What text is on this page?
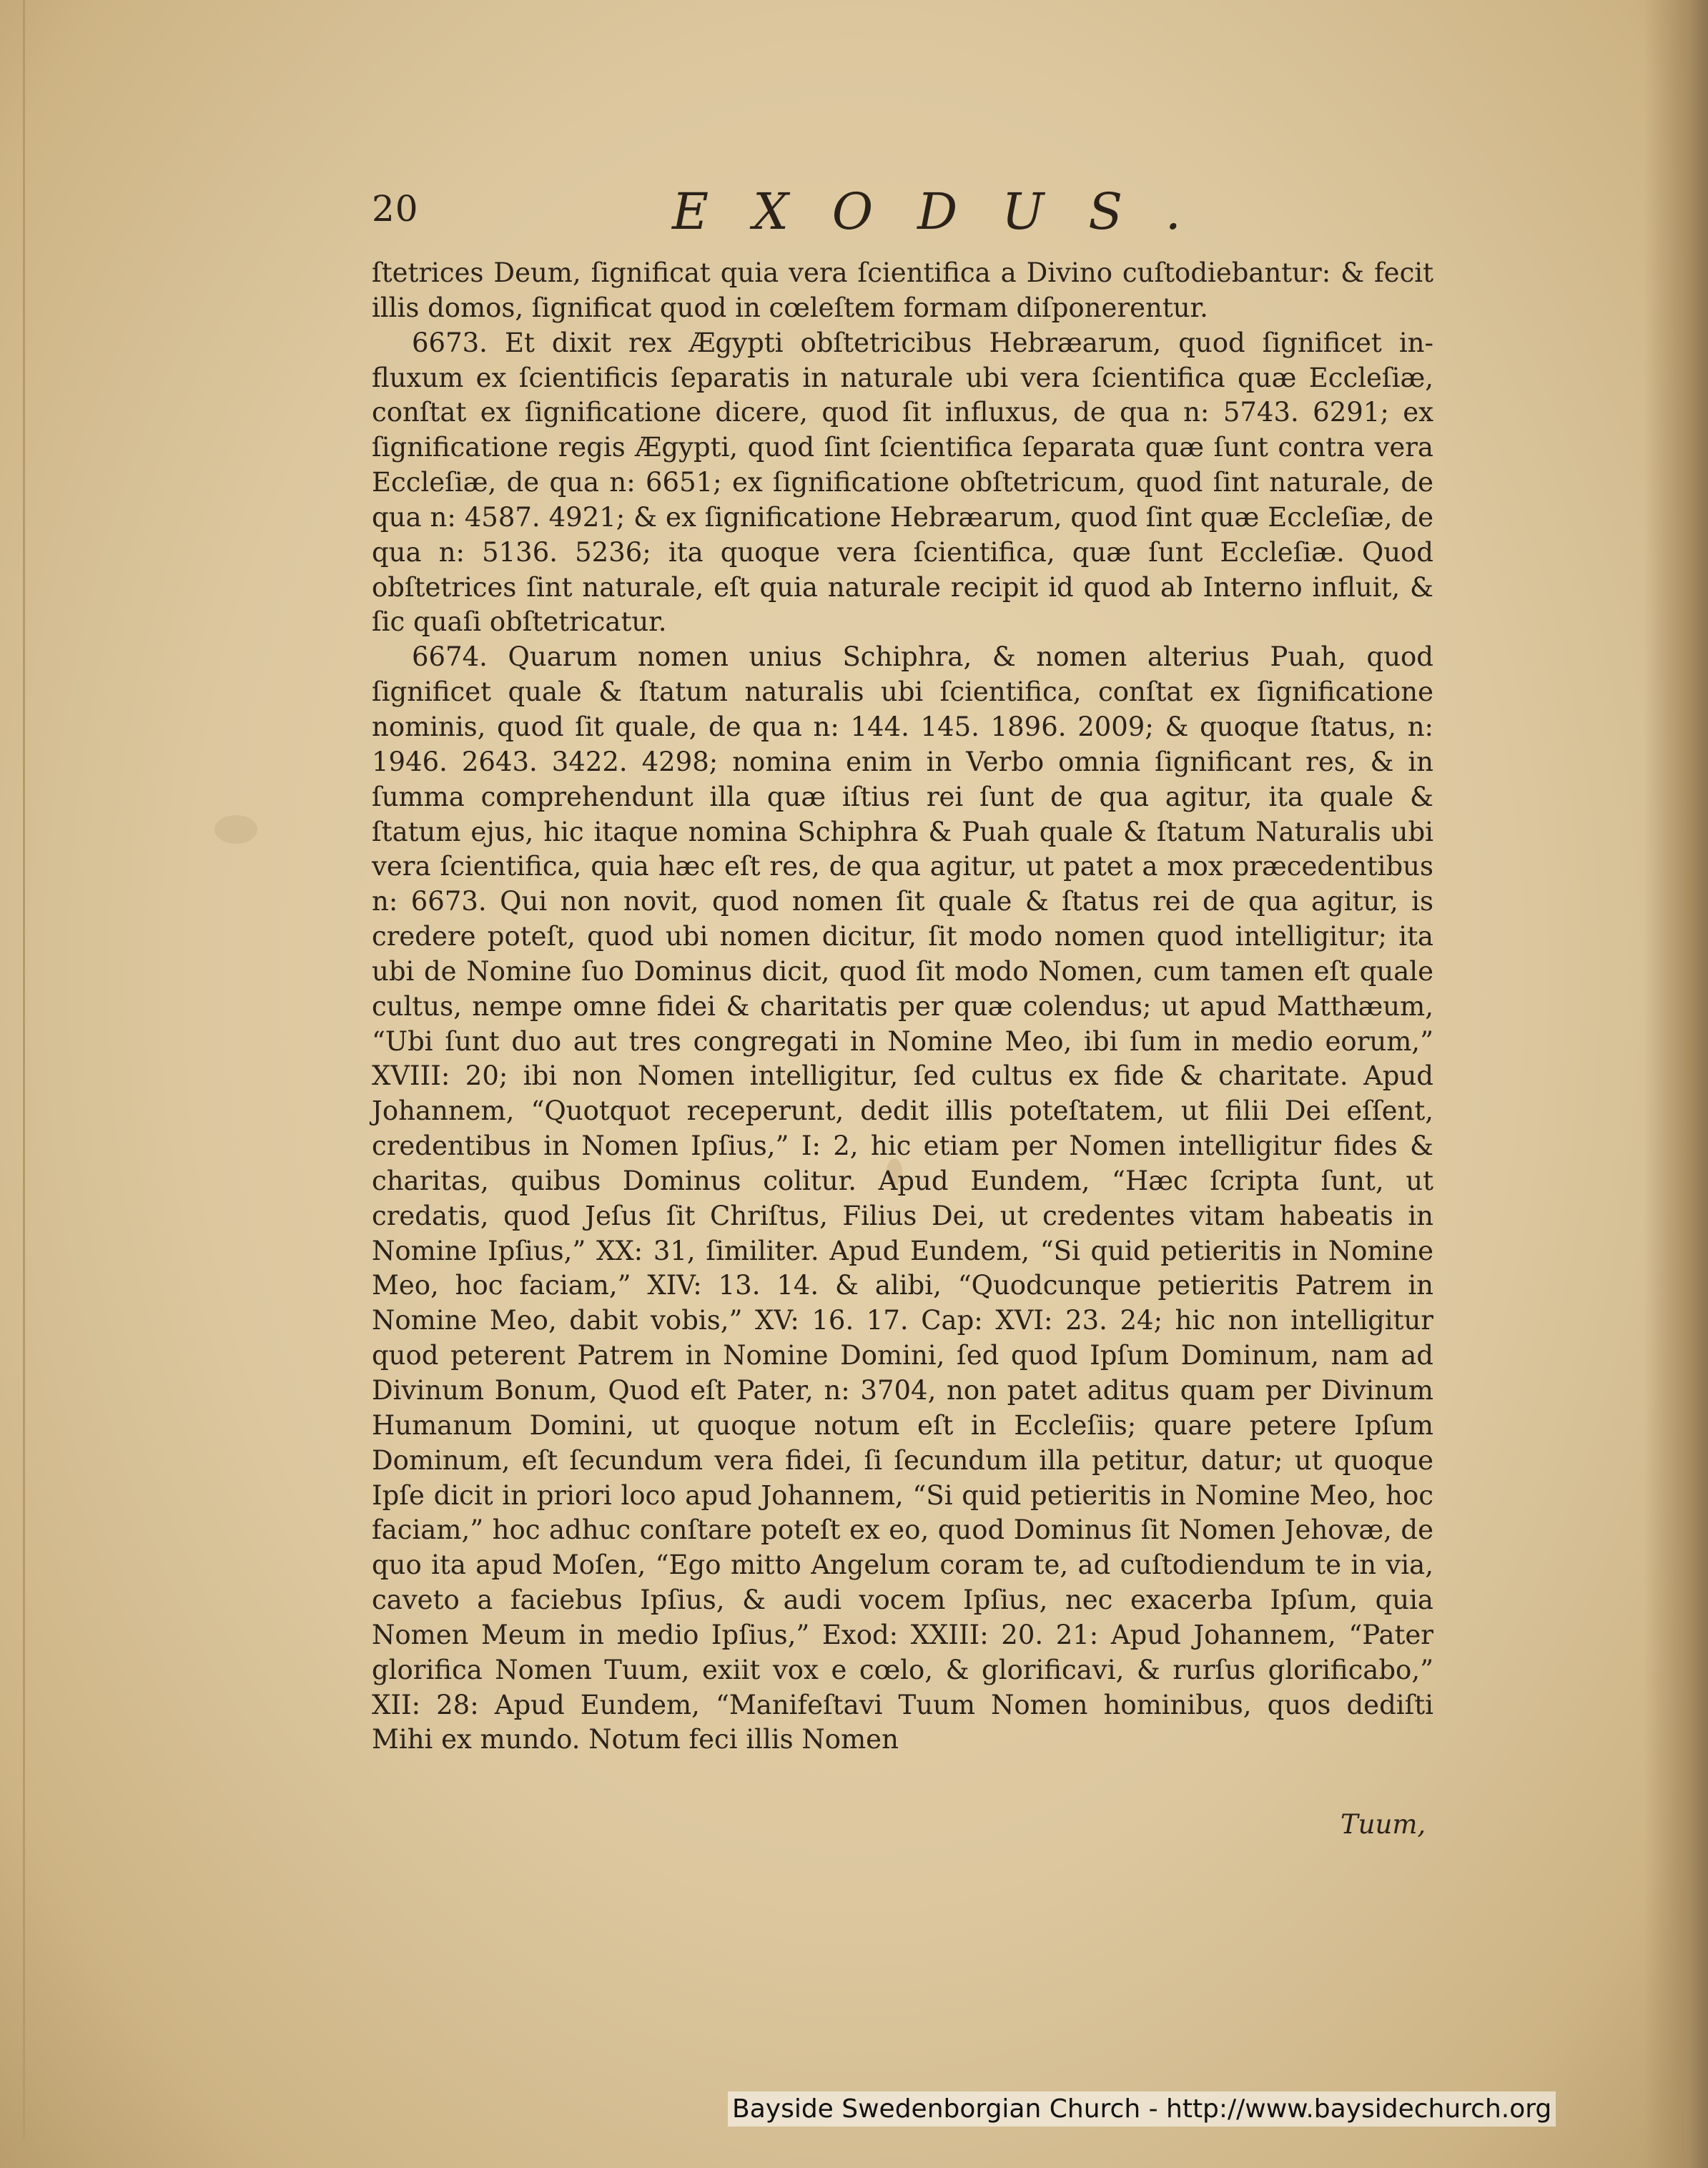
20	EXODUS.

ſtetrices Deum, ſignificat quia vera ſcientifica a Divino cuſtodiebantur: & fecit illis domos, ſignificat quod in cœleſtem formam diſponerentur.

6673. Et dixit rex Ægypti obſtetricibus Hebræarum, quod ſignificet influxum ex ſcientificis ſeparatis in naturale ubi vera ſcientifica quæ Eccleſiæ, conſtat ex ſignificatione dicere, quod ſit influxus, de qua n: 5743. 6291; ex ſignificatione regis Ægypti, quod ſint ſcientifica ſeparata quæ ſunt contra vera Eccleſiæ, de qua n: 6651; ex ſignificatione obſtetricum, quod ſint naturale, de qua n: 4587. 4921; & ex ſignificatione Hebræarum, quod ſint quæ Eccleſiæ, de qua n: 5136. 5236; ita quoque vera ſcientifica, quæ ſunt Eccleſiæ. Quod obſtetrices ſint naturale, eſt quia naturale recipit id quod ab Interno influit, & ſic quaſi obſtetricatur.

6674. Quarum nomen unius Schiphra, & nomen alterius Puah, quod ſignificet quale & ſtatum naturalis ubi ſcientifica, conſtat ex ſignificatione nominis, quod ſit quale, de qua n: 144. 145. 1896. 2009; & quoque ſtatus, n: 1946. 2643. 3422. 4298; nomina enim in Verbo omnia ſignificant res, & in ſumma comprehendunt illa quæ iſtius rei ſunt de qua agitur, ita quale & ſtatum ejus, hic itaque nomina Schiphra & Puah quale & ſtatum Naturalis ubi vera ſcientifica, quia hæc eſt res, de qua agitur, ut patet a mox præcedentibus n: 6673. Qui non novit, quod nomen ſit quale & ſtatus rei de qua agitur, is credere poteſt, quod ubi nomen dicitur, ſit modo nomen quod intelligitur; ita ubi de Nomine ſuo Dominus dicit, quod ſit modo Nomen, cum tamen eſt quale cultus, nempe omne fidei & charitatis per quæ colendus; ut apud Matthæum, “Ubi ſunt duo aut tres congregati in Nomine Meo, ibi ſum in medio eorum,” XVIII: 20; ibi non Nomen intelligitur, ſed cultus ex fide & charitate. Apud Johannem, “Quotquot receperunt, dedit illis poteſtatem, ut filii Dei eſſent, credentibus in Nomen Ipſius,” I: 2, hic etiam per Nomen intelligitur fides & charitas, quibus Dominus colitur. Apud Eundem, “Hæc ſcripta ſunt, ut credatis, quod Jeſus ſit Chriſtus, Filius Dei, ut credentes vitam habeatis in Nomine Ipſius,” XX: 31, ſimiliter. Apud Eundem, “Si quid petieritis in Nomine Meo, hoc faciam,” XIV: 13. 14. & alibi, “Quodcunque petieritis Patrem in Nomine Meo, dabit vobis,” XV: 16. 17. Cap: XVI: 23. 24; hic non intelligitur quod peterent Patrem in Nomine Domini, ſed quod Ipſum Dominum, nam ad Divinum Bonum, Quod eſt Pater, n: 3704, non patet aditus quam per Divinum Humanum Domini, ut quoque notum eſt in Eccleſiis; quare petere Ipſum Dominum, eſt ſecundum vera fidei, ſi ſecundum illa petitur, datur; ut quoque Ipſe dicit in priori loco apud Johannem, “Si quid petieritis in Nomine Meo, hoc faciam,” hoc adhuc conſtare poteſt ex eo, quod Dominus ſit Nomen Jehovæ, de quo ita apud Moſen, “Ego mitto Angelum coram te, ad cuſtodiendum te in via, caveto a faciebus Ipſius, & audi vocem Ipſius, nec exacerba Ipſum, quia Nomen Meum in medio Ipſius,” Exod: XXIII: 20. 21: Apud Johannem, “Pater glorifica Nomen Tuum, exiit vox e cœlo, & glorificavi, & rurſus glorificabo,” XII: 28: Apud Eundem, “Manifeſtavi Tuum Nomen hominibus, quos dediſti Mihi ex mundo. Notum feci illis Nomen

Tuum,
Bayside Swedenborgian Church - http://www.baysidechurch.org
